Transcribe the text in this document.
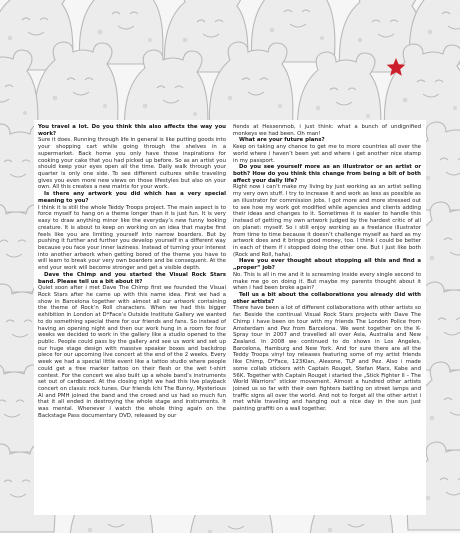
You travel a lot. Do you think this also affects the way you work?

Sure it does. Running through life in general is like putting goods into your shopping cart while going through the shelves in a supermarket. Back home you only have those inspirations for cooking your cake that you had picked up before. So as an artist you should keep your eyes open all the time. Daily walk through your quarter is only one side. To see different cultures while traveling gives you even more new views on those lifestyles but also on your own. All this creates a new matrix for your work.

Is there any artwork you did which has a very special meaning to you?

I think it is still the whole Teddy Troops project. The main aspect is to force myself to hang on a theme longer than it is just fun. It is very easy to draw anything minor like the everyday’s new funny looking creature. It is about to keep on working on an idea that maybe first feels like you are limiting yourself into narrow boarders. But by pushing it further and further you develop yourself in a different way because you face your inner laziness. Instead of turning your interest into another artwork when getting bored of the theme you have to will learn to break your very own boarders and be consequent. At the end your work will become stronger and get a visible depth.

Dave the Chimp and you started the Visual Rock Stars band. Please tell us a bit about it?

Quiet soon after i met Dave The Chimp first we founded the Visual Rock Stars after he came up with this name idea. First we had a show in Barcelona together with almost all our artwork containing the theme of Rock’n Roll characters. When we had this bigger exhibition in London at D*Face’s Outside Institute Gallery we wanted to do something special there for our friends and fans. So instead of having an opening night and then our work hung in a room for four weeks we decided to work in the gallery like a studio opened to the public. People could pass by the gallery and see us work and set up our huge stage design with massive speaker boxes and backdrop piece for our upcoming live concert at the end of the 2 weeks. Every week we had a special little event like a tattoo studio where people could get a free marker tattoo on their flesh or the wet t-shirt contest. For the concert we also built up a whole band’s instruments set out of cardboard. At the closing night we had this live playback concert on classic rock tunes. Our friends Ichi The Bunny, Mysterious Al and PMH joined the band and the crowd and us had so much fun that it all ended in destroying the whole stage and instruments. It was mental. Whenever i watch the whole thing again on the Backstage Pass documentary DVD, released by our

fiends at Hessenmob, i just think: what a bunch of undignified monkeys we had been. Oh man!

What are your future plans?

Keep on taking any chance to get me to more countries all over the world where i haven’t been yet and where i get another nice stamp in my passport.

Do you see yourself more as an illustrator or an artist or both? How do you think this change from being a bit of both affect your daily life?

Right now i can’t make my living by just working as an artist selling my very own stuff. I try to increase it and work as less as possible as an illustrator for commission jobs. I got more and more stressed out to see how my work got modified while agencies and clients adding their ideas and changes to it. Sometimes it is easier to handle this instead of getting my own artwork judged by the hardest critic of all on planet: myself. So i still enjoy working as a freelance illustrator from time to time because it doesn’t challenge myself as hard as my artwork does and it brings good money, too. I think i could be better in each of them if i stopped doing the other one. But i just like both (Rock and Roll, haha).

Have you ever thought about stopping all this and find a „proper“ job?

No. This is all in me and it is screaming inside every single second to make me go on doing it. But maybe my parents thought about it when i had been broke again?

Tell us a bit about the collaborations you already did with other artists?

There have been a lot of different collaborations with other artists so far. Beside the continual Visual Rock Stars projects with Dave The Chimp i have been on tour with my friends The London Police from Amsterdam and Pez from Barcelona. We went together on the K-Spray tour in 2007 and travelled all over Asia, Australia and New Zealand. In 2008 we continued to do shows in Los Angeles, Barcelona, Hamburg and New York. And for sure there are all the Teddy Troops vinyl toy releases featuring some of my artist friends like Chimp, D*Face, 123Klan, Alexone, TLP and Pez. Also i made some collab stickers with Captain Rouget, Stefan Marx, Kabe and 56K. Together with Captain Rouget i started the „Stick Fighter II – The World Warriors“ sticker movement. Almost a hundred other artists joined us so far with their own fighters battling on street lamps and traffic signs all over the world. And not to forget all the other artist i met while traveling and hanging out a nice day in the sun just painting graffiti on a wall together.
